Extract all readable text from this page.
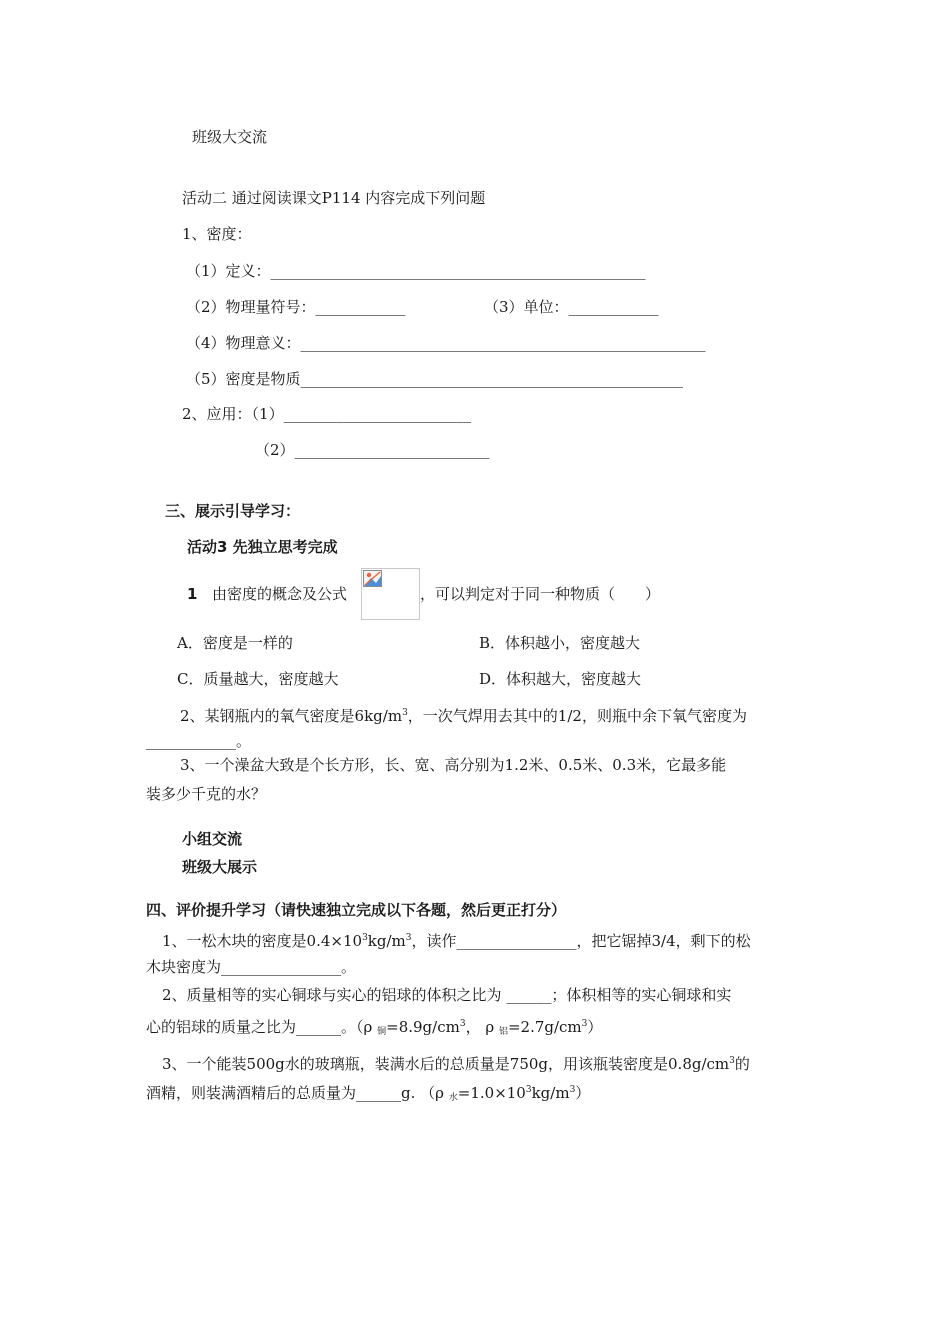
班级大交流
活动二 通过阅读课文P114 内容完成下列问题
1、密度：
（1）定义：__________________________________________________
（2）物理量符号：____________	（3）单位：____________
（4）物理意义：______________________________________________________
（5）密度是物质___________________________________________________
2、应用：（1）_________________________
（2）__________________________
三、展示引导学习：
活动3 先独立思考完成
1 由密度的概念及公式	，可以判定对于同一种物质（　　）
A．密度是一样的	B．体积越小，密度越大
C．质量越大，密度越大	D．体积越大，密度越大
2、某钢瓶内的氧气密度是$6kg/m^3$，一次气焊用去其中的1/2，则瓶中余下氧气密度为
____________。
3、一个澡盆大致是个长方形，长、宽、高分别为1.2米、0.5米、0.3米，它最多能
装多少千克的水？
小组交流
班级大展示
四、评价提升学习（请快速独立完成以下各题，然后更正打分）
1、一松木块的密度是$0.4\times 10^3kg/m^3$，读作________________，把它锯掉3/4，剩下的松
木块密度为________________。
2、质量相等的实心铜球与实心的铝球的体积之比为 ______；体积相等的实心铜球和实
心的铝球的质量之比为______。（ρ $_铜=8.9g/cm^3$， ρ $_铝=2.7g/cm^3$）
3、一个能装500g水的玻璃瓶，装满水后的总质量是750g，用该瓶装密度是$0.8g/cm^3$的
酒精，则装满酒精后的总质量为______g. （ρ $_水=1.0\times 10^3kg/m^3$）
